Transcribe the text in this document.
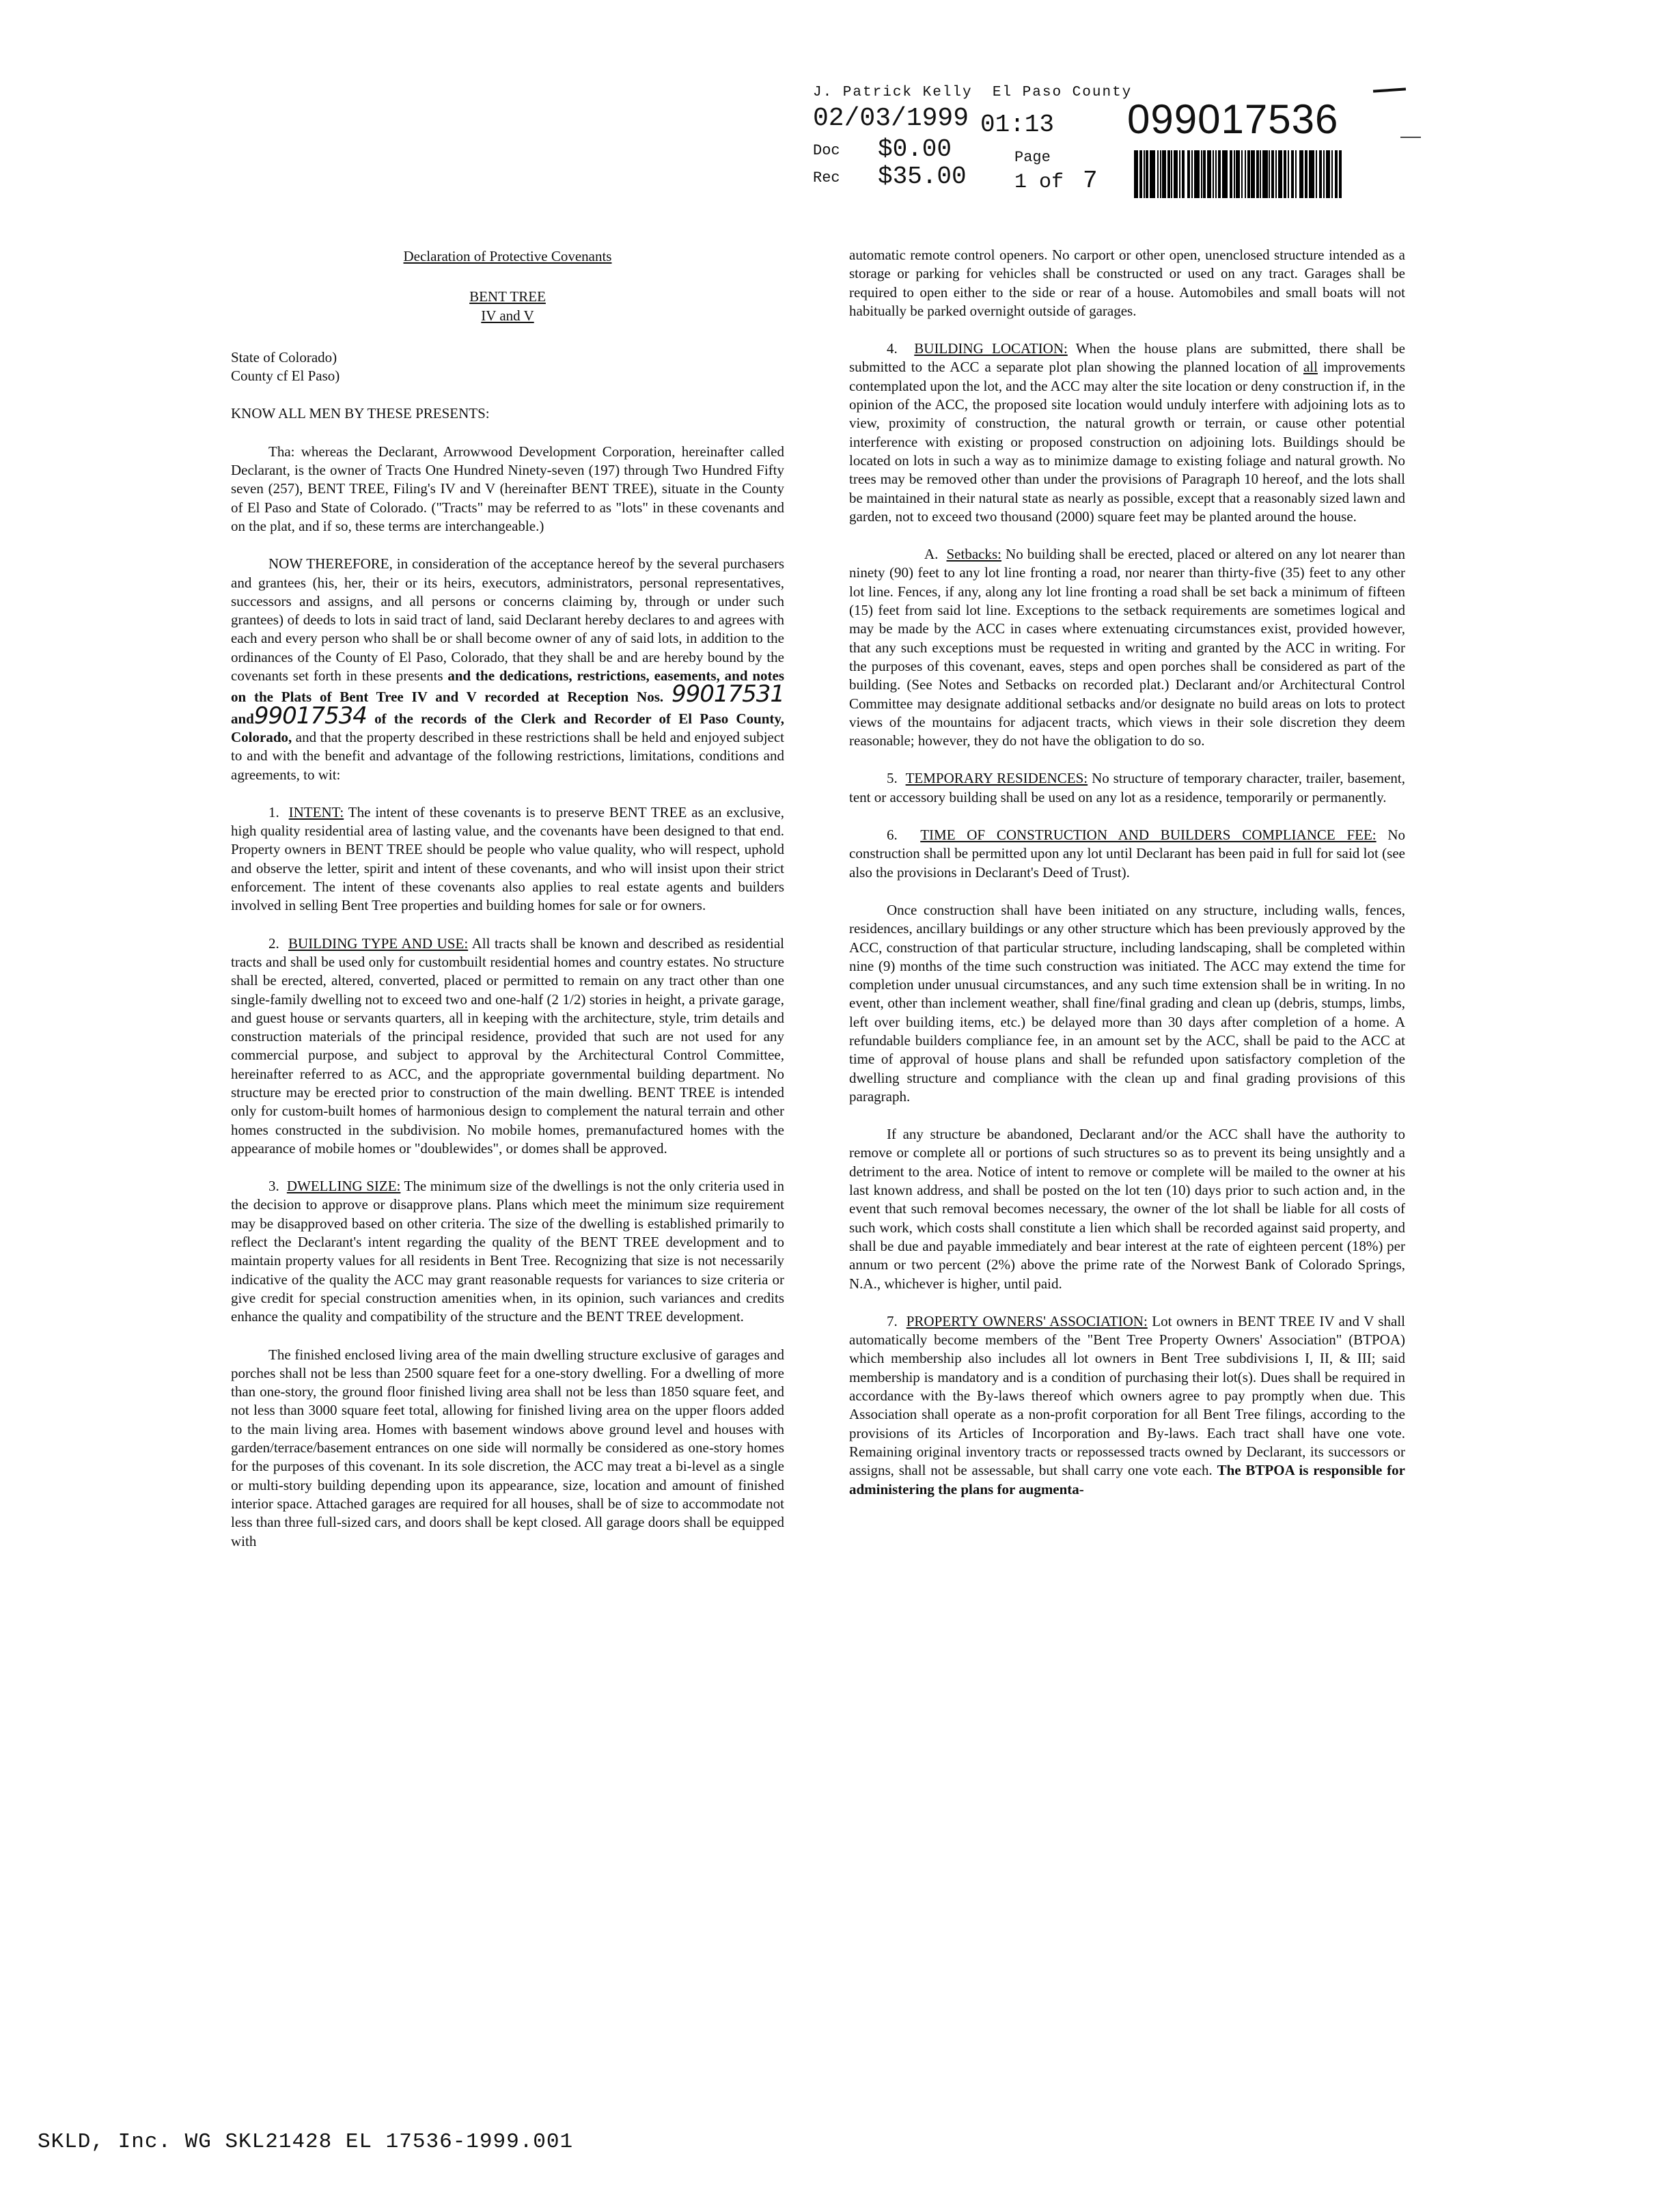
J. Patrick Kelly El Paso County
02/03/1999 01:13 099017536
Doc $0.00
Rec $35.00
Page
1 of 7

Declaration of Protective Covenants

BENT TREE

IV and V

State of Colorado)

County cf El Paso)

KNOW ALL MEN BY THESE PRESENTS:

Tha: whereas the Declarant, Arrowwood Development Corporation, hereinafter called Declarant, is the owner of Tracts One Hundred Ninety-seven (197) through Two Hundred Fifty seven (257), BENT TREE, Filing's IV and V (hereinafter BENT TREE), situate in the County of El Paso and State of Colorado. ("Tracts" may be referred to as "lots" in these covenants and on the plat, and if so, these terms are interchangeable.)

NOW THEREFORE, in consideration of the acceptance hereof by the several purchasers and grantees (his, her, their or its heirs, executors, administrators, personal representatives, successors and assigns, and all persons or concerns claiming by, through or under such grantees) of deeds to lots in said tract of land, said Declarant hereby declares to and agrees with each and every person who shall be or shall become owner of any of said lots, in addition to the ordinances of the County of El Paso, Colorado, that they shall be and are hereby bound by the covenants set forth in these presents and the dedications, restrictions, easements, and notes on the Plats of Bent Tree IV and V recorded at Reception Nos. 99017531 and99017534 of the records of the Clerk and Recorder of El Paso County, Colorado, and that the property described in these restrictions shall be held and enjoyed subject to and with the benefit and advantage of the following restrictions, limitations, conditions and agreements, to wit:

1. INTENT: The intent of these covenants is to preserve BENT TREE as an exclusive, high quality residential area of lasting value, and the covenants have been designed to that end. Property owners in BENT TREE should be people who value quality, who will respect, uphold and observe the letter, spirit and intent of these covenants, and who will insist upon their strict enforcement. The intent of these covenants also applies to real estate agents and builders involved in selling Bent Tree properties and building homes for sale or for owners.

2. BUILDING TYPE AND USE: All tracts shall be known and described as residential tracts and shall be used only for custombuilt residential homes and country estates. No structure shall be erected, altered, converted, placed or permitted to remain on any tract other than one single-family dwelling not to exceed two and one-half (2 1/2) stories in height, a private garage, and guest house or servants quarters, all in keeping with the architecture, style, trim details and construction materials of the principal residence, provided that such are not used for any commercial purpose, and subject to approval by the Architectural Control Committee, hereinafter referred to as ACC, and the appropriate governmental building department. No structure may be erected prior to construction of the main dwelling. BENT TREE is intended only for custom-built homes of harmonious design to complement the natural terrain and other homes constructed in the subdivision. No mobile homes, premanufactured homes with the appearance of mobile homes or "doublewides", or domes shall be approved.

3. DWELLING SIZE: The minimum size of the dwellings is not the only criteria used in the decision to approve or disapprove plans. Plans which meet the minimum size requirement may be disapproved based on other criteria. The size of the dwelling is established primarily to reflect the Declarant's intent regarding the quality of the BENT TREE development and to maintain property values for all residents in Bent Tree. Recognizing that size is not necessarily indicative of the quality the ACC may grant reasonable requests for variances to size criteria or give credit for special construction amenities when, in its opinion, such variances and credits enhance the quality and compatibility of the structure and the BENT TREE development.

The finished enclosed living area of the main dwelling structure exclusive of garages and porches shall not be less than 2500 square feet for a one-story dwelling. For a dwelling of more than one-story, the ground floor finished living area shall not be less than 1850 square feet, and not less than 3000 square feet total, allowing for finished living area on the upper floors added to the main living area. Homes with basement windows above ground level and houses with garden/terrace/basement entrances on one side will normally be considered as one-story homes for the purposes of this covenant. In its sole discretion, the ACC may treat a bi-level as a single or multi-story building depending upon its appearance, size, location and amount of finished interior space. Attached garages are required for all houses, shall be of size to accommodate not less than three full-sized cars, and doors shall be kept closed. All garage doors shall be equipped with

automatic remote control openers. No carport or other open, unenclosed structure intended as a storage or parking for vehicles shall be constructed or used on any tract. Garages shall be required to open either to the side or rear of a house. Automobiles and small boats will not habitually be parked overnight outside of garages.

4. BUILDING LOCATION: When the house plans are submitted, there shall be submitted to the ACC a separate plot plan showing the planned location of all improvements contemplated upon the lot, and the ACC may alter the site location or deny construction if, in the opinion of the ACC, the proposed site location would unduly interfere with adjoining lots as to view, proximity of construction, the natural growth or terrain, or cause other potential interference with existing or proposed construction on adjoining lots. Buildings should be located on lots in such a way as to minimize damage to existing foliage and natural growth. No trees may be removed other than under the provisions of Paragraph 10 hereof, and the lots shall be maintained in their natural state as nearly as possible, except that a reasonably sized lawn and garden, not to exceed two thousand (2000) square feet may be planted around the house.

A. Setbacks: No building shall be erected, placed or altered on any lot nearer than ninety (90) feet to any lot line fronting a road, nor nearer than thirty-five (35) feet to any other lot line. Fences, if any, along any lot line fronting a road shall be set back a minimum of fifteen (15) feet from said lot line. Exceptions to the setback requirements are sometimes logical and may be made by the ACC in cases where extenuating circumstances exist, provided however, that any such exceptions must be requested in writing and granted by the ACC in writing. For the purposes of this covenant, eaves, steps and open porches shall be considered as part of the building. (See Notes and Setbacks on recorded plat.) Declarant and/or Architectural Control Committee may designate additional setbacks and/or designate no build areas on lots to protect views of the mountains for adjacent tracts, which views in their sole discretion they deem reasonable; however, they do not have the obligation to do so.

5. TEMPORARY RESIDENCES: No structure of temporary character, trailer, basement, tent or accessory building shall be used on any lot as a residence, temporarily or permanently.

6. TIME OF CONSTRUCTION AND BUILDERS COMPLIANCE FEE: No construction shall be permitted upon any lot until Declarant has been paid in full for said lot (see also the provisions in Declarant's Deed of Trust).

Once construction shall have been initiated on any structure, including walls, fences, residences, ancillary buildings or any other structure which has been previously approved by the ACC, construction of that particular structure, including landscaping, shall be completed within nine (9) months of the time such construction was initiated. The ACC may extend the time for completion under unusual circumstances, and any such time extension shall be in writing. In no event, other than inclement weather, shall fine/final grading and clean up (debris, stumps, limbs, left over building items, etc.) be delayed more than 30 days after completion of a home. A refundable builders compliance fee, in an amount set by the ACC, shall be paid to the ACC at time of approval of house plans and shall be refunded upon satisfactory completion of the dwelling structure and compliance with the clean up and final grading provisions of this paragraph.

If any structure be abandoned, Declarant and/or the ACC shall have the authority to remove or complete all or portions of such structures so as to prevent its being unsightly and a detriment to the area. Notice of intent to remove or complete will be mailed to the owner at his last known address, and shall be posted on the lot ten (10) days prior to such action and, in the event that such removal becomes necessary, the owner of the lot shall be liable for all costs of such work, which costs shall constitute a lien which shall be recorded against said property, and shall be due and payable immediately and bear interest at the rate of eighteen percent (18%) per annum or two percent (2%) above the prime rate of the Norwest Bank of Colorado Springs, N.A., whichever is higher, until paid.

7. PROPERTY OWNERS' ASSOCIATION: Lot owners in BENT TREE IV and V shall automatically become members of the "Bent Tree Property Owners' Association" (BTPOA) which membership also includes all lot owners in Bent Tree subdivisions I, II, & III; said membership is mandatory and is a condition of purchasing their lot(s). Dues shall be required in accordance with the By-laws thereof which owners agree to pay promptly when due. This Association shall operate as a non-profit corporation for all Bent Tree filings, according to the provisions of its Articles of Incorporation and By-laws. Each tract shall have one vote. Remaining original inventory tracts or repossessed tracts owned by Declarant, its successors or assigns, shall not be assessable, but shall carry one vote each. The BTPOA is responsible for administering the plans for augmenta-

SKLD, Inc. WG SKL21428 EL 17536-1999.001
